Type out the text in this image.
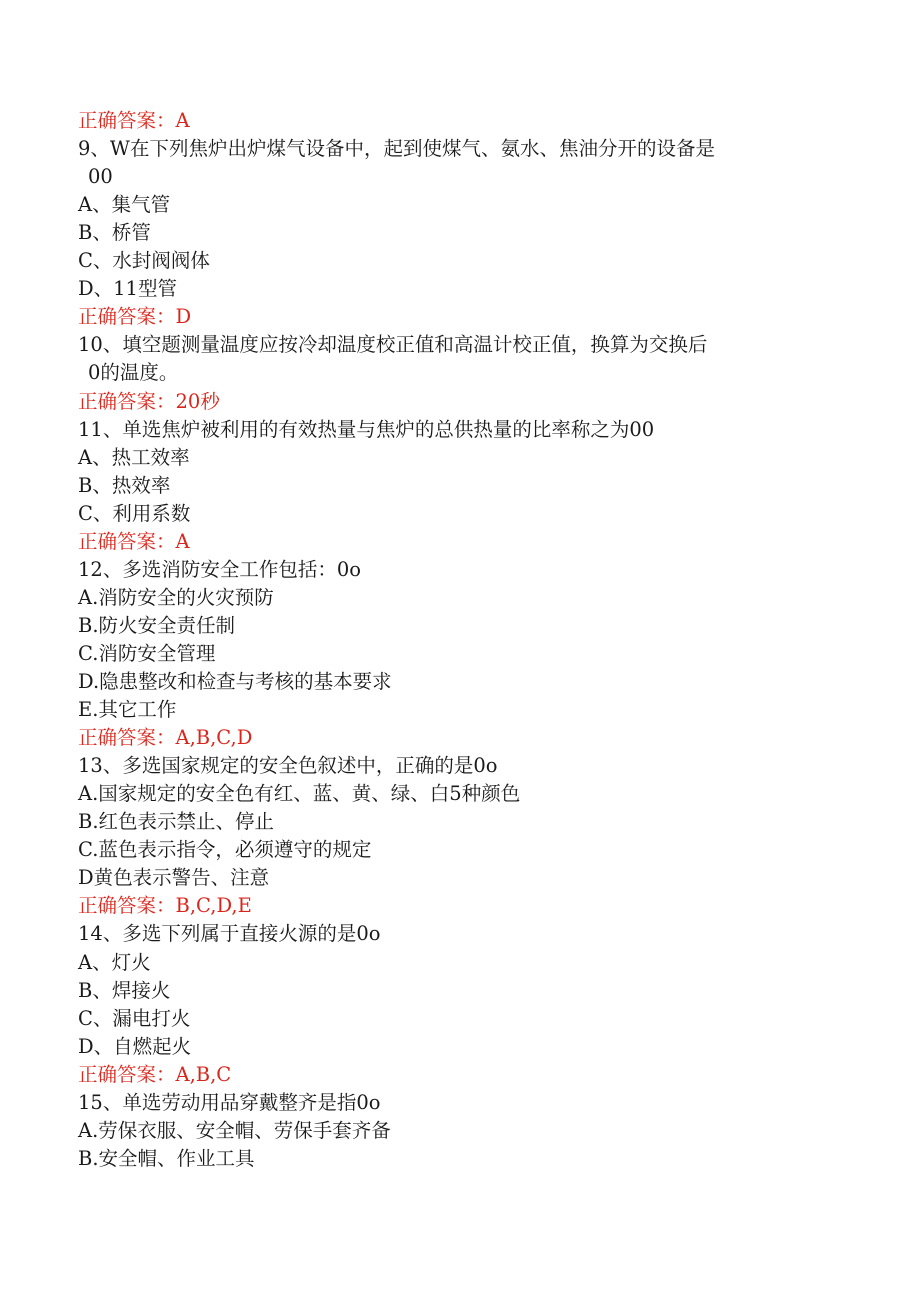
正确答案：A
9、W在下列焦炉出炉煤气设备中，起到使煤气、氨水、焦油分开的设备是
00
A、集气管
B、桥管
C、水封阀阀体
D、11型管
正确答案：D
10、填空题测量温度应按冷却温度校正值和高温计校正值，换算为交换后
0的温度。
正确答案：20秒
11、单选焦炉被利用的有效热量与焦炉的总供热量的比率称之为00
A、热工效率
B、热效率
C、利用系数
正确答案：A
12、多选消防安全工作包括：0o
A.消防安全的火灾预防
B.防火安全责任制
C.消防安全管理
D.隐患整改和检查与考核的基本要求
E.其它工作
正确答案：A,B,C,D
13、多选国家规定的安全色叙述中，正确的是0o
A.国家规定的安全色有红、蓝、黄、绿、白5种颜色
B.红色表示禁止、停止
C.蓝色表示指令，必须遵守的规定
D黄色表示警告、注意
正确答案：B,C,D,E
14、多选下列属于直接火源的是0o
A、灯火
B、焊接火
C、漏电打火
D、自燃起火
正确答案：A,B,C
15、单选劳动用品穿戴整齐是指0o
A.劳保衣服、安全帽、劳保手套齐备
B.安全帽、作业工具
